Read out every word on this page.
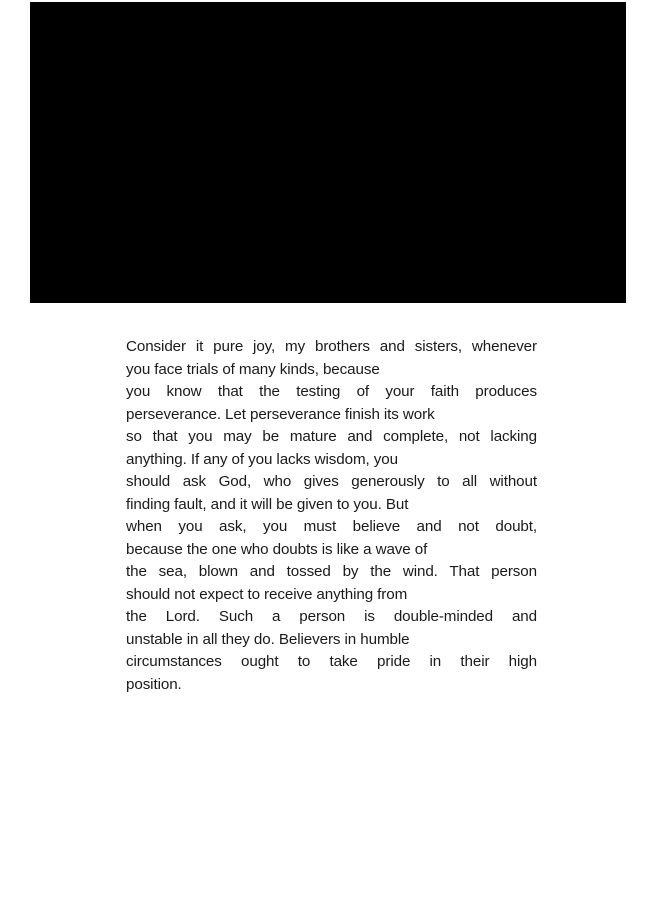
Consider it pure joy, my brothers and sisters, whenever
you face trials of many kinds, because
you know that the testing of your faith produces
perseverance. Let perseverance finish its work
so that you may be mature and complete, not lacking
anything. If any of you lacks wisdom, you
should ask God, who gives generously to all without
finding fault, and it will be given to you. But
when you ask, you must believe and not doubt,
because the one who doubts is like a wave of
the sea, blown and tossed by the wind. That person
should not expect to receive anything from
the Lord. Such a person is double-minded and
unstable in all they do. Believers in humble
circumstances ought to take pride in their high
position.
